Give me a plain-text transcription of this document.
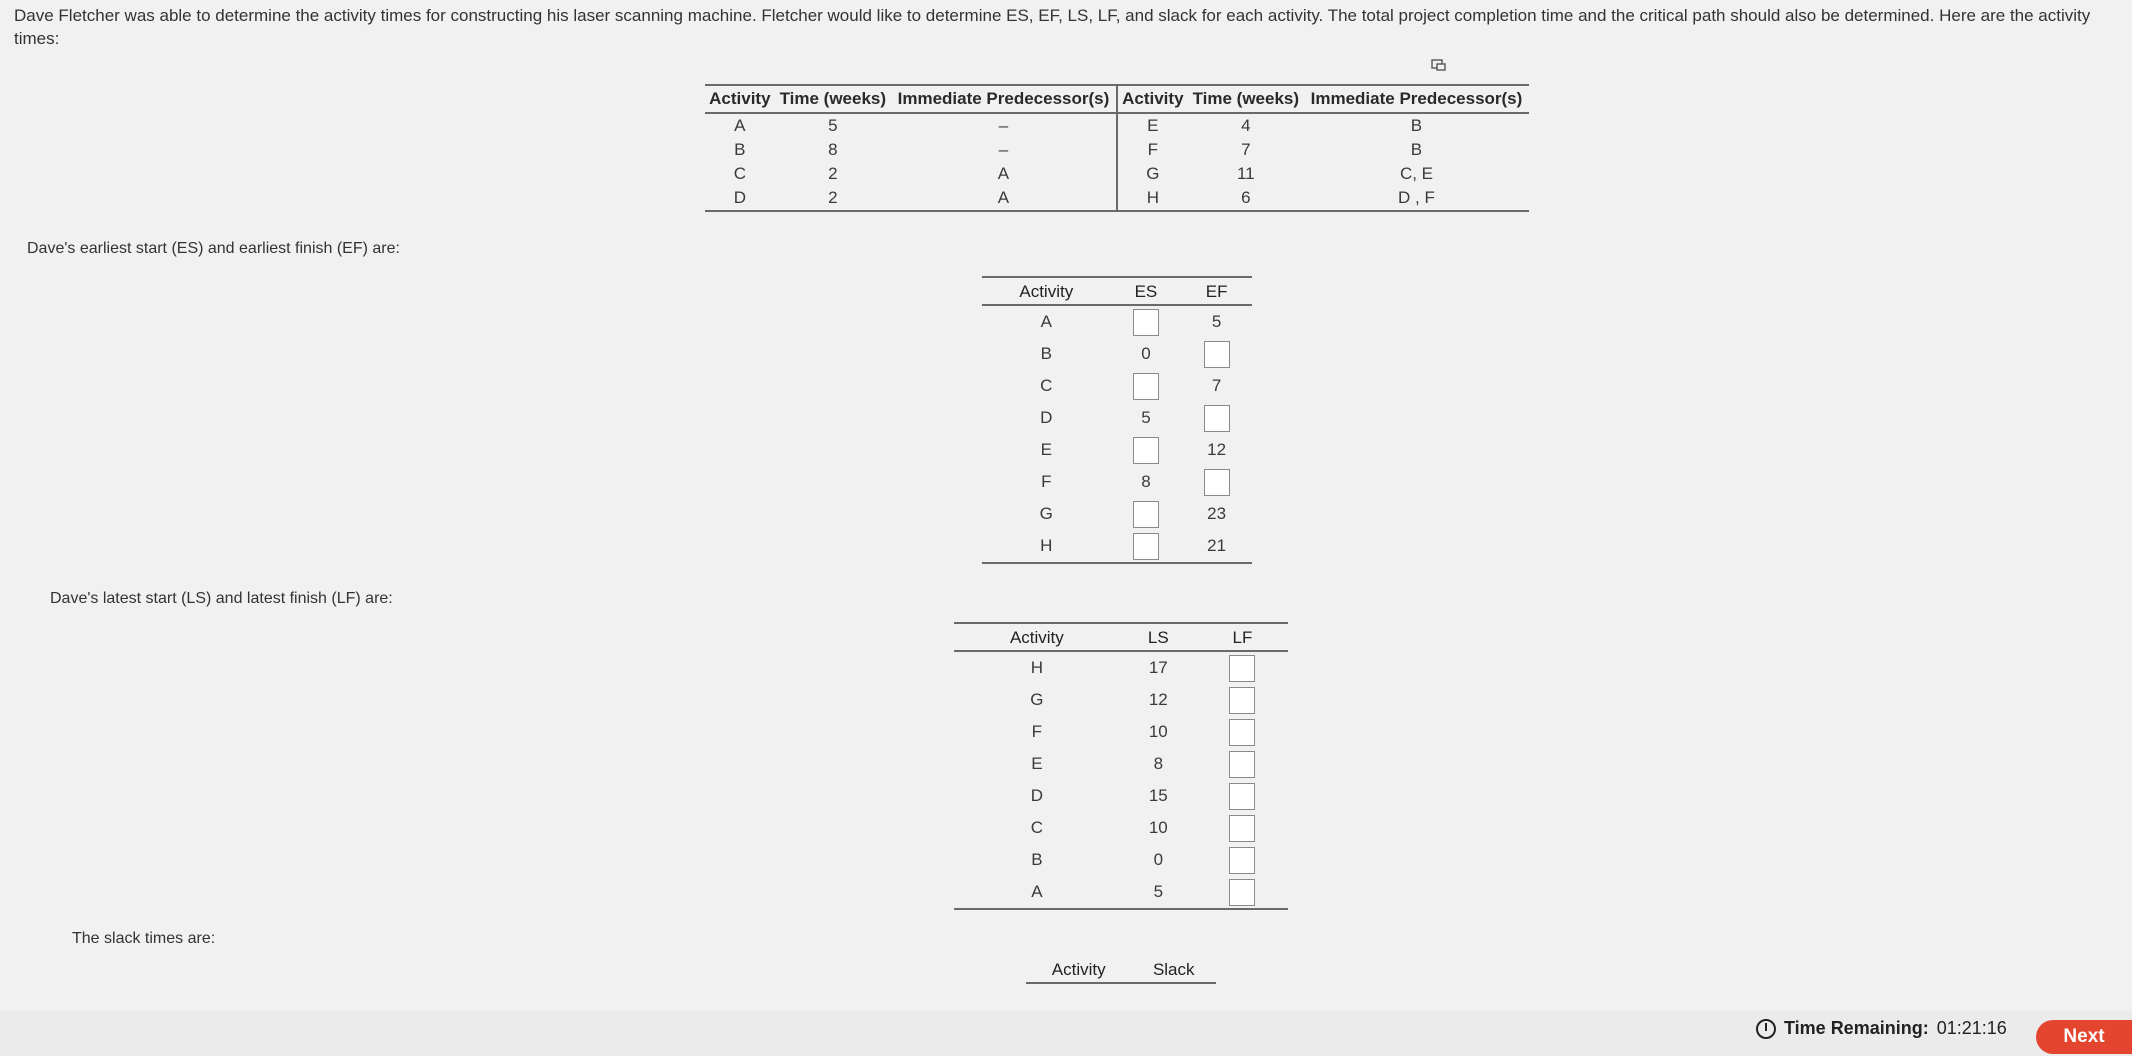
Dave Fletcher was able to determine the activity times for constructing his laser scanning machine. Fletcher would like to determine ES, EF, LS, LF, and slack for each activity. The total project completion time and the critical path should also be determined. Here are the activity times:
Activity	Time (weeks)	Immediate Predecessor(s)	Activity	Time (weeks)	Immediate Predecessor(s)
A	5	–	E	4	B
B	8	–	F	7	B
C	2	A	G	11	C, E
D	2	A	H	6	D , F
Dave's earliest start (ES) and earliest finish (EF) are:
Activity	ES	EF
A		5
B	0	
C		7
D	5	
E		12
F	8	
G		23
H		21
Dave's latest start (LS) and latest finish (LF) are:
Activity	LS	LF
H	17	
G	12	
F	10	
E	8	
D	15	
C	10	
B	0	
A	5	
The slack times are:
Activity	Slack
Time Remaining: 01:21:16	Next
